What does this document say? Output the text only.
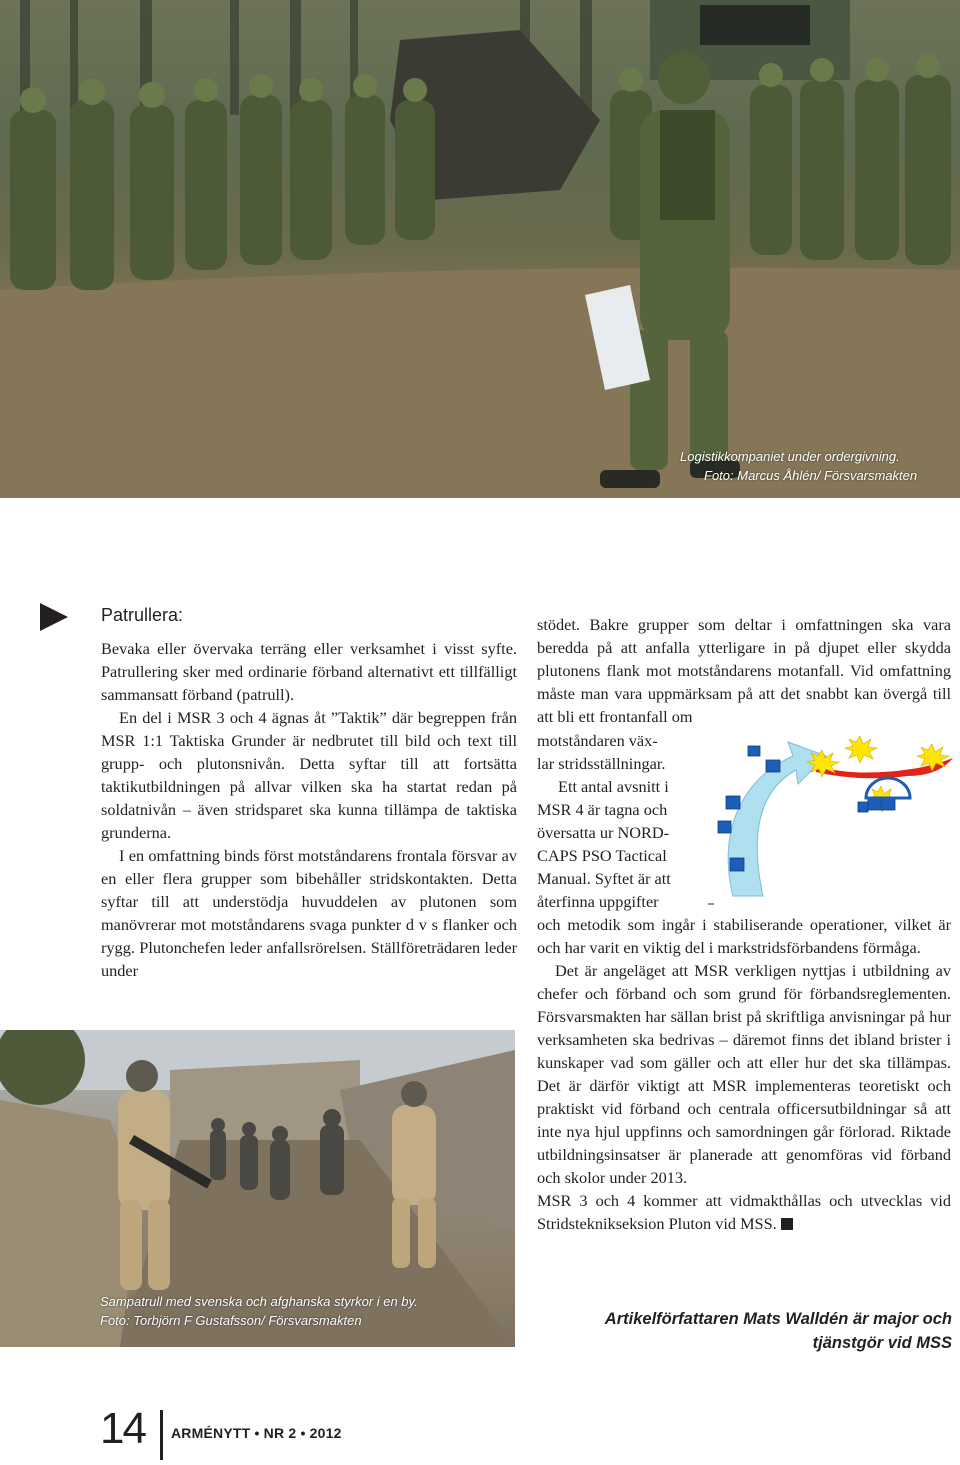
Logistikkompaniet under ordergivning.
Foto: Marcus Åhlén/ Försvarsmakten

Patrullera:

Bevaka eller övervaka terräng eller verksamhet i visst syfte. Patrullering sker med ordinarie förband alternativt ett tillfälligt sammansatt förband (patrull).

En del i MSR 3 och 4 ägnas åt ”Taktik” där begreppen från MSR 1:1 Taktiska Grunder är nedbrutet till bild och text till grupp- och plutonsnivån. Detta syftar till att fortsätta taktikutbildningen på allvar vilken ska ha startat redan på soldatnivån – även stridsparet ska kunna tillämpa de taktiska grunderna.

I en omfattning binds först motståndarens frontala försvar av en eller flera grupper som bibehåller stridskontakten. Detta syftar till att understödja huvuddelen av plutonen som manövrerar mot motståndarens svaga punkter d v s flanker och rygg. Plutonchefen leder anfallsrörelsen. Ställföreträdaren leder under

stödet. Bakre grupper som deltar i omfattningen ska vara beredda på att anfalla ytterligare in på djupet eller skydda plutonens flank mot motståndarens motanfall. Vid omfattning måste man vara uppmärksam på att det snabbt kan övergå till att bli ett frontanfall om

motståndaren väx-
lar stridsställningar.
Ett antal avsnitt i
MSR 4 är tagna och
översatta ur NORD-
CAPS PSO Tactical
Manual. Syftet är att
återfinna uppgifter

och metodik som ingår i stabiliserande operationer, vilket är och har varit en viktig del i markstridsförbandens förmåga.

Det är angeläget att MSR verkligen nyttjas i utbildning av chefer och förband och som grund för förbandsreglementen. Försvarsmakten har sällan brist på skriftliga anvisningar på hur verksamheten ska bedrivas – däremot finns det ibland brister i kunskaper vad som gäller och att eller hur det ska tillämpas. Det är därför viktigt att MSR implementeras teoretiskt och praktiskt vid förband och centrala officersutbildningar så att inte nya hjul uppfinns och samordningen går förlorad. Riktade utbildningsinsatser är planerade att genomföras vid förband och skolor under 2013.

MSR 3 och 4 kommer att vidmakthållas och utvecklas vid Stridsteknikseksion Pluton vid MSS.

Sampatrull med svenska och afghanska styrkor i en by.
Foto: Torbjörn F Gustafsson/ Försvarsmakten	Artikelförfattaren Mats Walldén är major och
tjänstgör vid MSS
14 ARMÉNYTT • NR 2 • 2012
